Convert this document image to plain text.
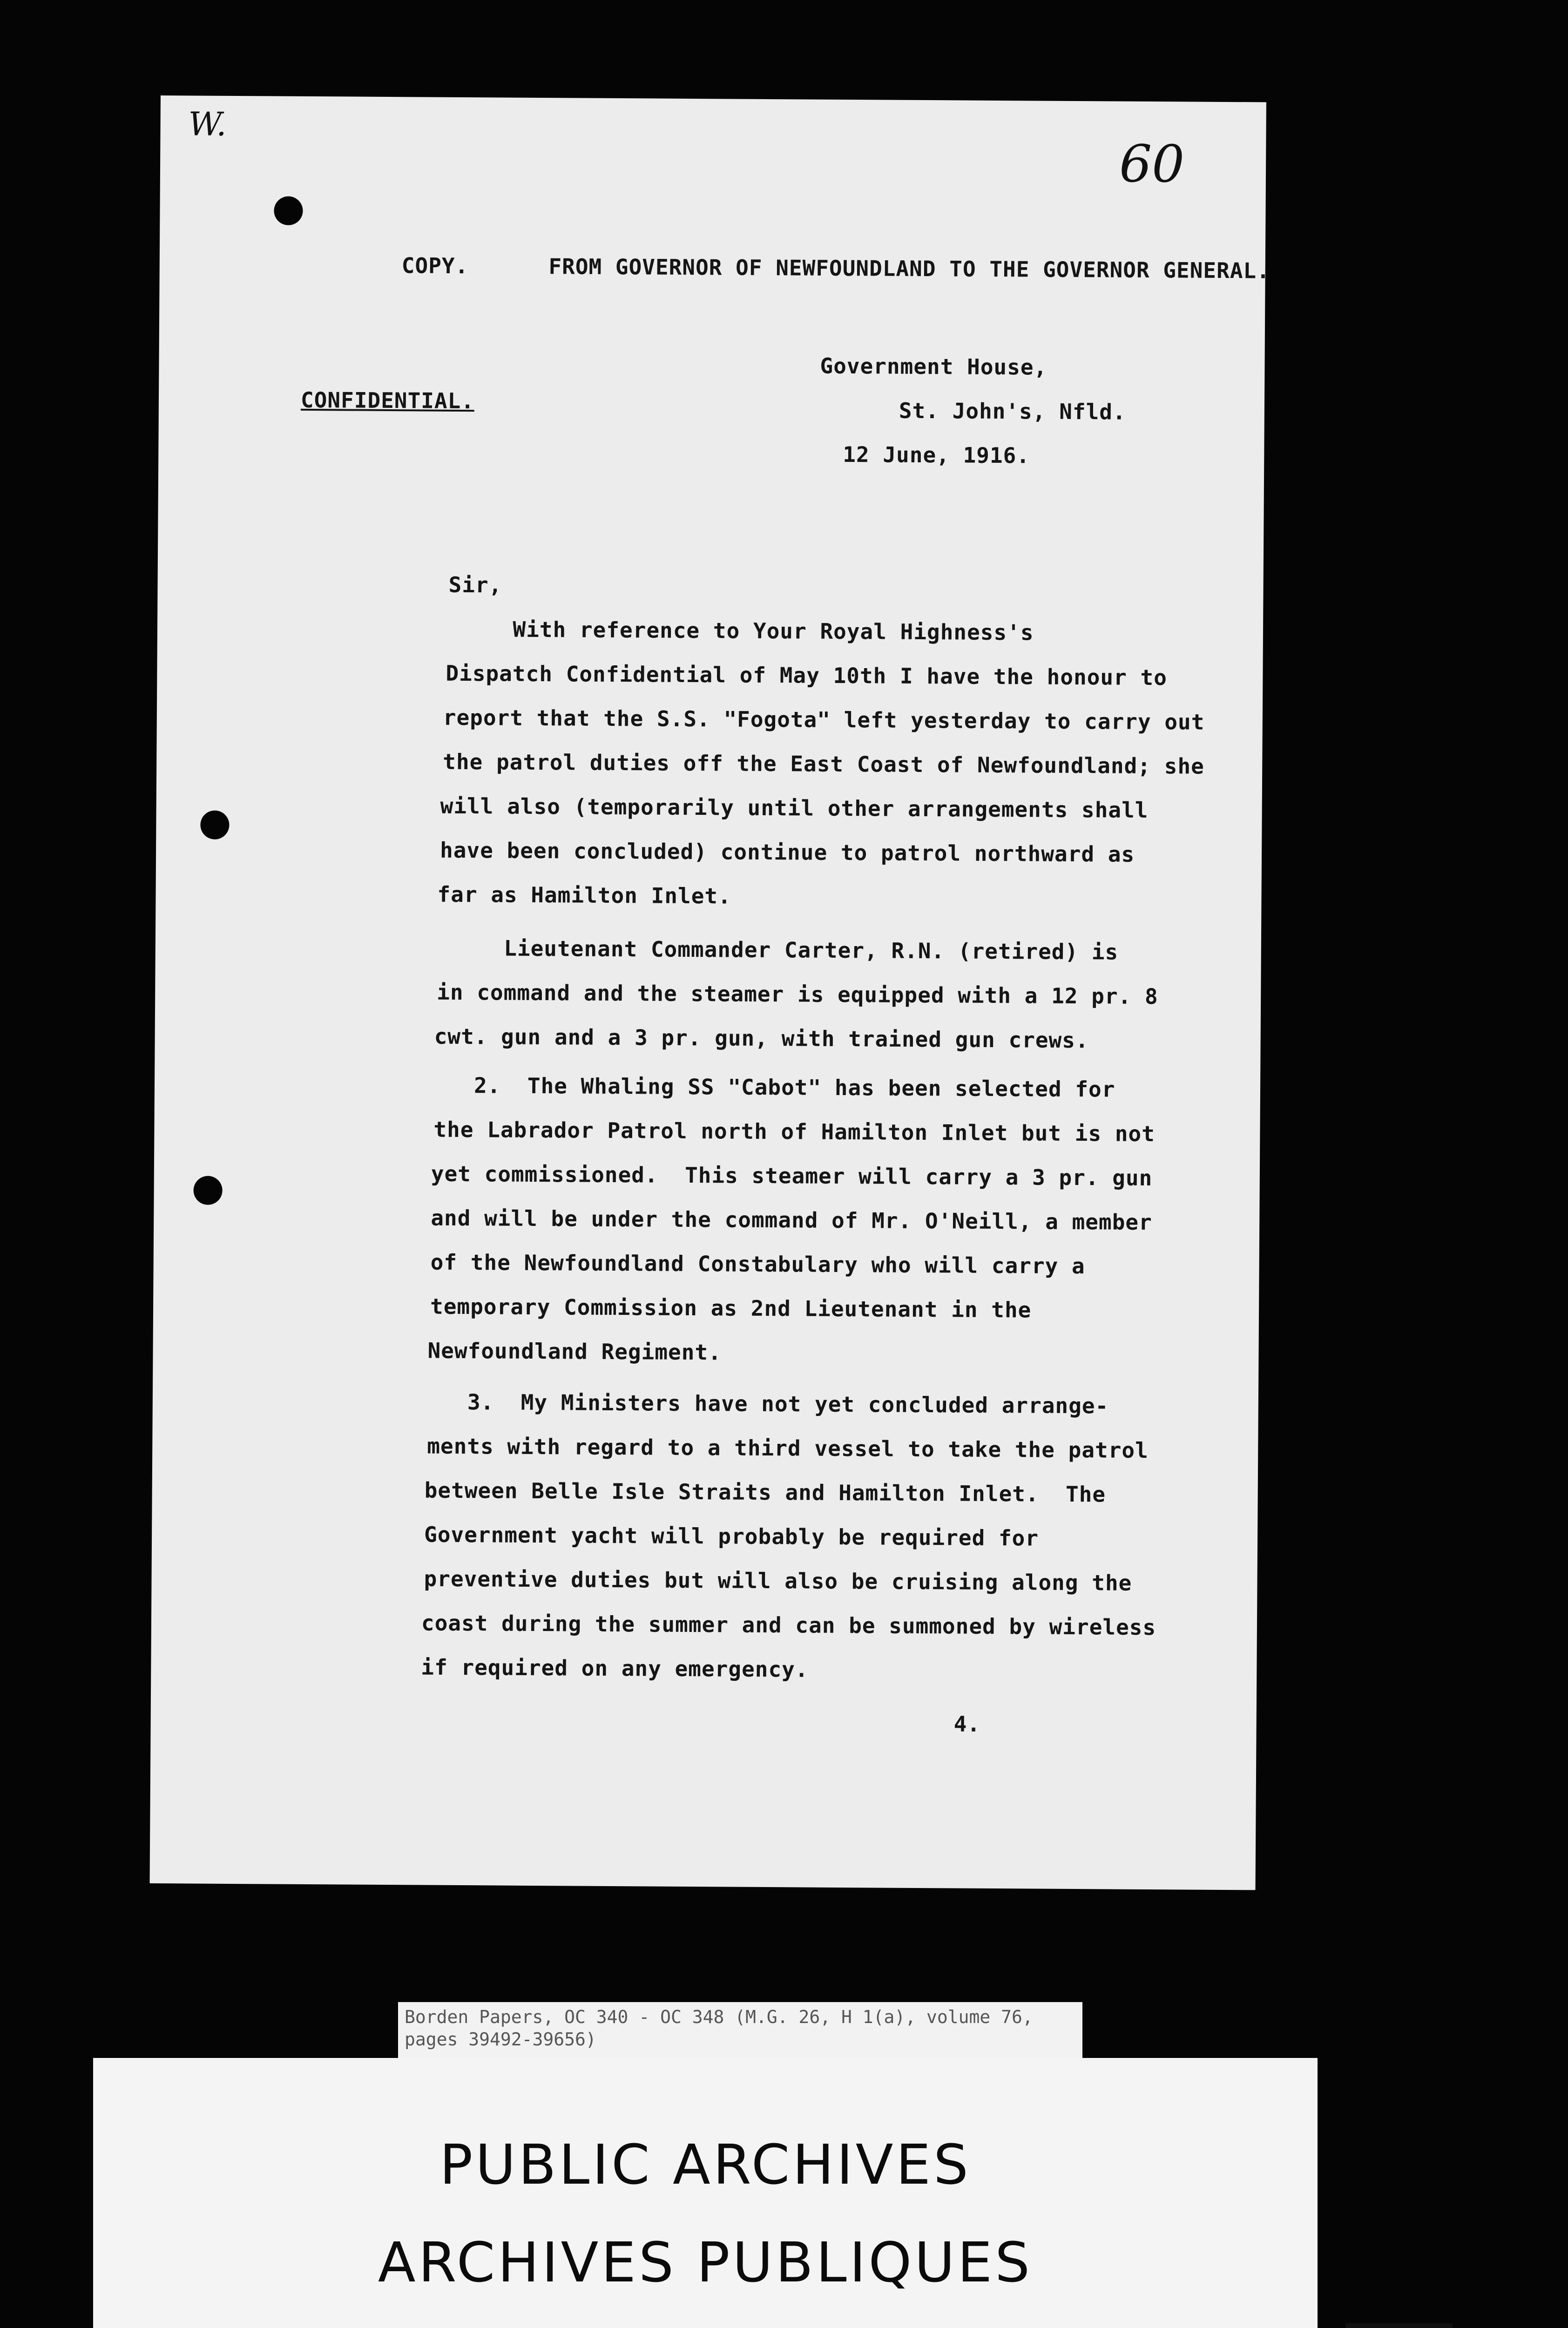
W.
60
COPY.      FROM GOVERNOR OF NEWFOUNDLAND TO THE GOVERNOR GENERAL.
Government House,
St. John's, Nfld.
12 June, 1916.
CONFIDENTIAL.
Sir,
With reference to Your Royal Highness's
Dispatch Confidential of May 10th I have the honour to
report that the S.S. "Fogota" left yesterday to carry out
the patrol duties off the East Coast of Newfoundland; she
will also (temporarily until other arrangements shall
have been concluded) continue to patrol northward as
far as Hamilton Inlet.
Lieutenant Commander Carter, R.N. (retired) is
in command and the steamer is equipped with a 12 pr. 8
cwt. gun and a 3 pr. gun, with trained gun crews.
2.  The Whaling SS "Cabot" has been selected for
the Labrador Patrol north of Hamilton Inlet but is not
yet commissioned.  This steamer will carry a 3 pr. gun
and will be under the command of Mr. O'Neill, a member
of the Newfoundland Constabulary who will carry a
temporary Commission as 2nd Lieutenant in the
Newfoundland Regiment.
3.  My Ministers have not yet concluded arrange-
ments with regard to a third vessel to take the patrol
between Belle Isle Straits and Hamilton Inlet.  The
Government yacht will probably be required for
preventive duties but will also be cruising along the
coast during the summer and can be summoned by wireless
if required on any emergency.
4.
Borden Papers, OC 340 - OC 348 (M.G. 26, H 1(a), volume 76,
pages 39492-39656)
PUBLIC ARCHIVES
ARCHIVES PUBLIQUES
